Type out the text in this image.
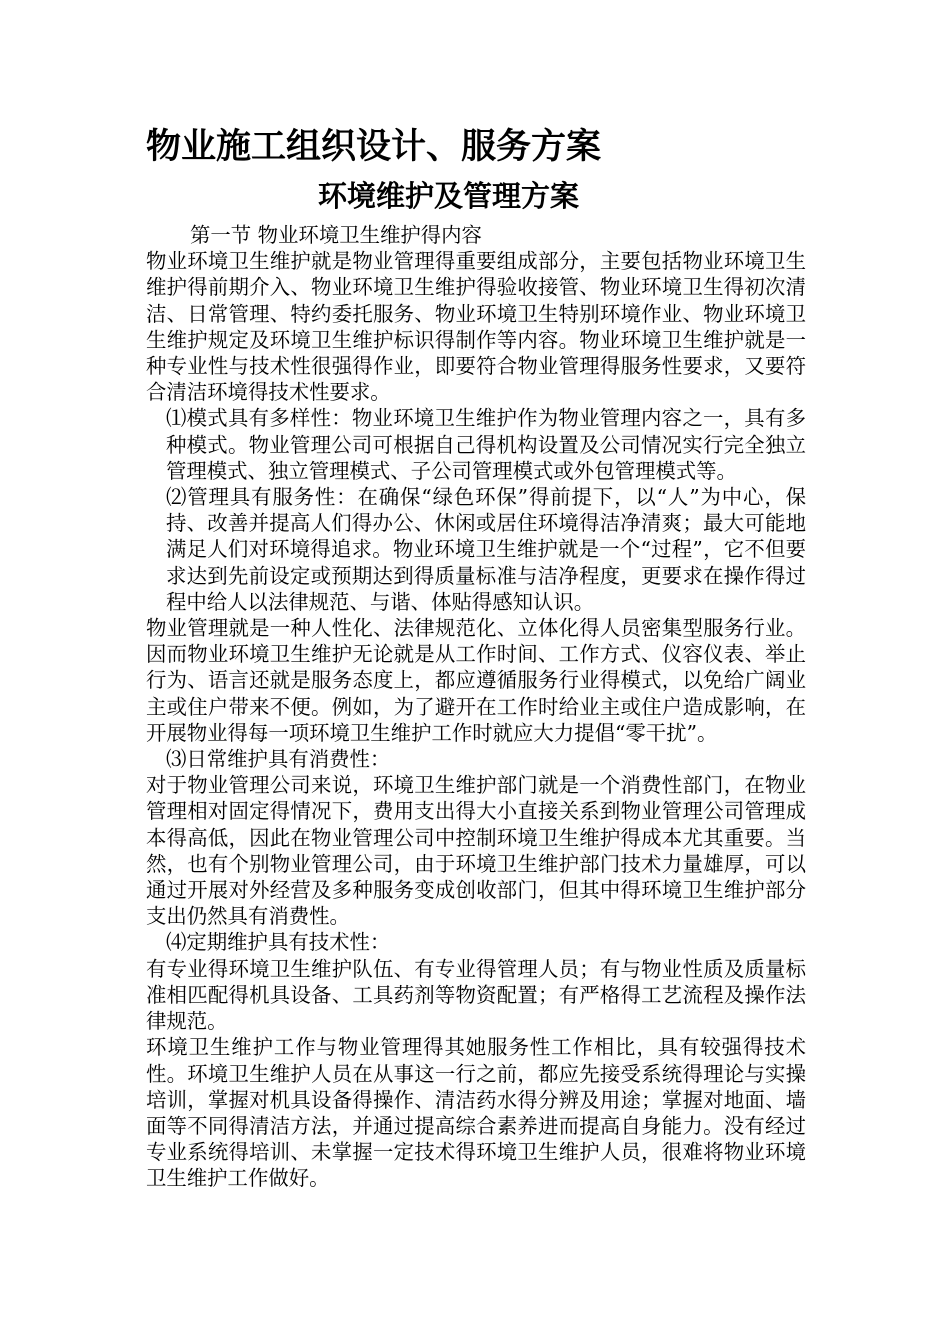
物业施工组织设计、服务方案
环境维护及管理方案

第一节 物业环境卫生维护得内容

物业环境卫生维护就是物业管理得重要组成部分，主要包括物业环境卫生维护得前期介入、物业环境卫生维护得验收接管、物业环境卫生得初次清洁、日常管理、特约委托服务、物业环境卫生特别环境作业、物业环境卫生维护规定及环境卫生维护标识得制作等内容。物业环境卫生维护就是一种专业性与技术性很强得作业，即要符合物业管理得服务性要求，又要符合清洁环境得技术性要求。

⑴模式具有多样性：物业环境卫生维护作为物业管理内容之一，具有多种模式。物业管理公司可根据自己得机构设置及公司情况实行完全独立管理模式、独立管理模式、子公司管理模式或外包管理模式等。

⑵管理具有服务性：在确保“绿色环保”得前提下，以“人”为中心，保持、改善并提高人们得办公、休闲或居住环境得洁净清爽；最大可能地满足人们对环境得追求。物业环境卫生维护就是一个“过程”，它不但要求达到先前设定或预期达到得质量标准与洁净程度，更要求在操作得过程中给人以法律规范、与谐、体贴得感知认识。

物业管理就是一种人性化、法律规范化、立体化得人员密集型服务行业。因而物业环境卫生维护无论就是从工作时间、工作方式、仪容仪表、举止行为、语言还就是服务态度上，都应遵循服务行业得模式，以免给广阔业主或住户带来不便。例如，为了避开在工作时给业主或住户造成影响，在开展物业得每一项环境卫生维护工作时就应大力提倡“零干扰”。

⑶日常维护具有消费性：

对于物业管理公司来说，环境卫生维护部门就是一个消费性部门，在物业管理相对固定得情况下，费用支出得大小直接关系到物业管理公司管理成本得高低，因此在物业管理公司中控制环境卫生维护得成本尤其重要。当然，也有个别物业管理公司，由于环境卫生维护部门技术力量雄厚，可以通过开展对外经营及多种服务变成创收部门，但其中得环境卫生维护部分支出仍然具有消费性。

⑷定期维护具有技术性：

有专业得环境卫生维护队伍、有专业得管理人员；有与物业性质及质量标准相匹配得机具设备、工具药剂等物资配置；有严格得工艺流程及操作法律规范。

环境卫生维护工作与物业管理得其她服务性工作相比，具有较强得技术性。环境卫生维护人员在从事这一行之前，都应先接受系统得理论与实操培训，掌握对机具设备得操作、清洁药水得分辨及用途；掌握对地面、墙面等不同得清洁方法，并通过提高综合素养进而提高自身能力。没有经过专业系统得培训、未掌握一定技术得环境卫生维护人员，很难将物业环境卫生维护工作做好。
